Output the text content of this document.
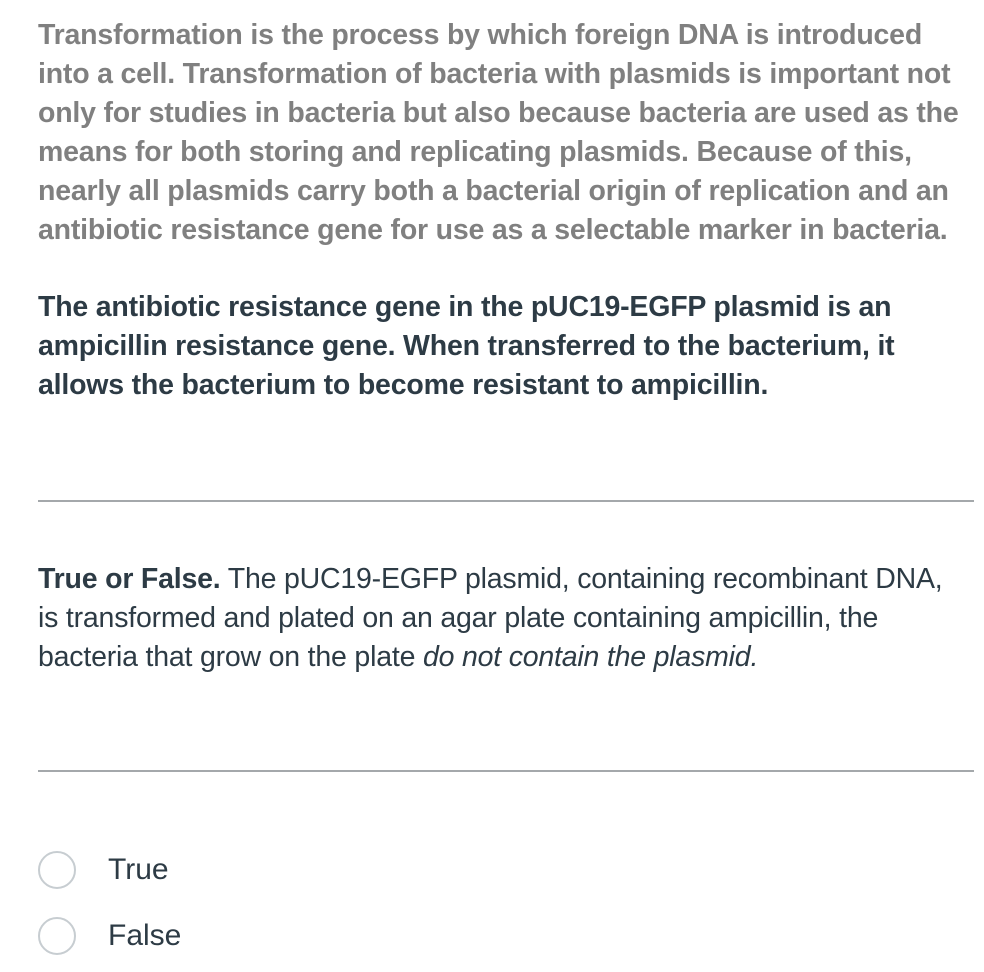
Transformation is the process by which foreign DNA is introduced into a cell. Transformation of bacteria with plasmids is important not only for studies in bacteria but also because bacteria are used as the means for both storing and replicating plasmids. Because of this, nearly all plasmids carry both a bacterial origin of replication and an antibiotic resistance gene for use as a selectable marker in bacteria.

The antibiotic resistance gene in the pUC19-EGFP plasmid is an ampicillin resistance gene. When transferred to the bacterium, it allows the bacterium to become resistant to ampicillin.

True or False. The pUC19-EGFP plasmid, containing recombinant DNA, is transformed and plated on an agar plate containing ampicillin, the bacteria that grow on the plate do not contain the plasmid.

True
False
